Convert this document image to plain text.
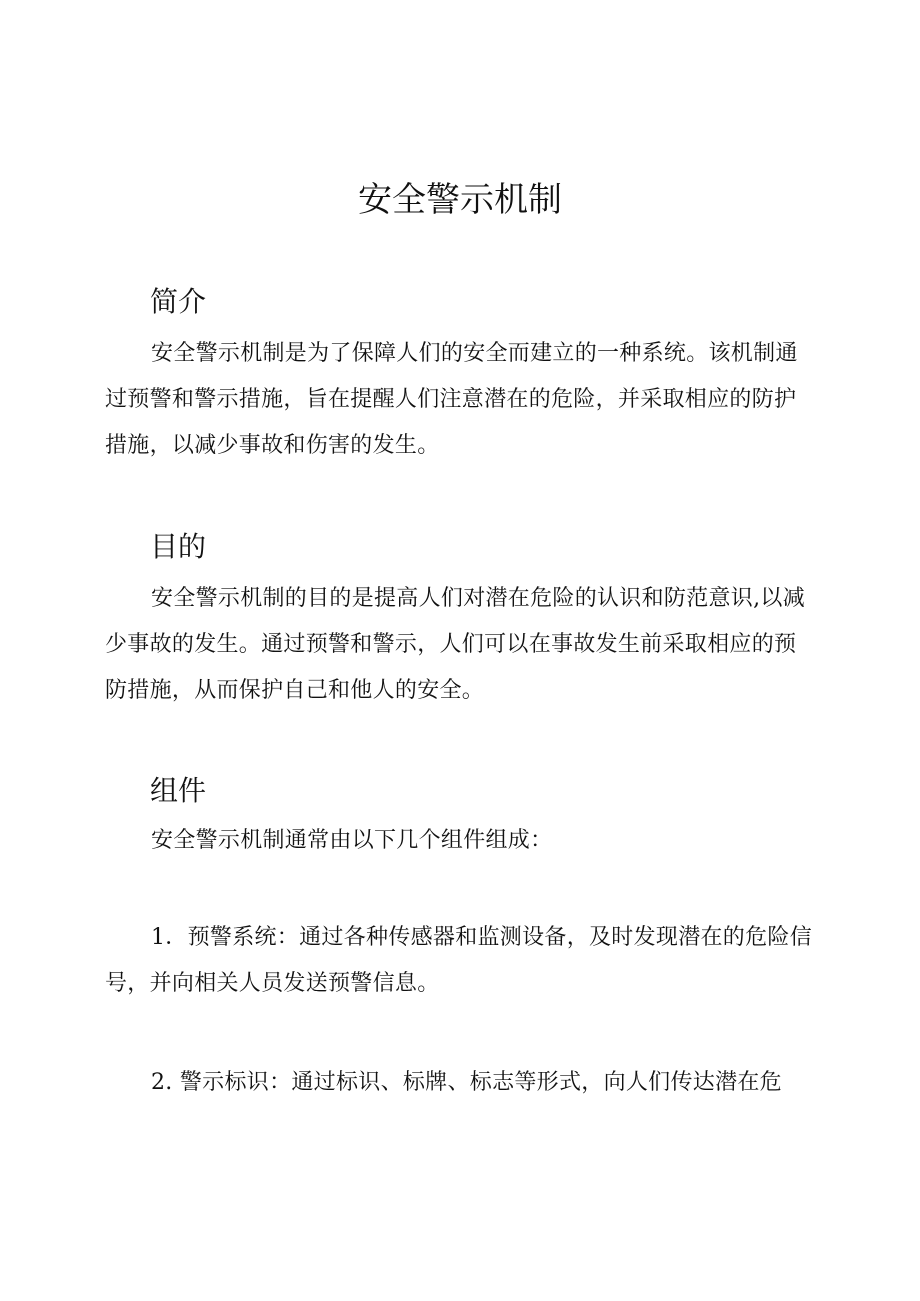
安全警示机制
简介

安全警示机制是为了保障人们的安全而建立的一种系统。该机制通过预警和警示措施，旨在提醒人们注意潜在的危险，并采取相应的防护措施，以减少事故和伤害的发生。

目的

安全警示机制的目的是提高人们对潜在危险的认识和防范意识,以减少事故的发生。通过预警和警示，人们可以在事故发生前采取相应的预防措施，从而保护自己和他人的安全。

组件

安全警示机制通常由以下几个组件组成：

1．预警系统：通过各种传感器和监测设备，及时发现潜在的危险信号，并向相关人员发送预警信息。

2. 警示标识：通过标识、标牌、标志等形式，向人们传达潜在危
